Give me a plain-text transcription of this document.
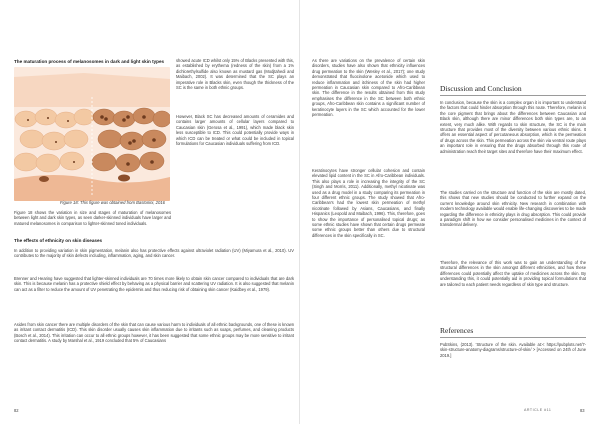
The maturation process of melanosomes in dark and light skin types
Figure 18: This figure was obtained from Bastonini, 2016
Figure 18 shows the variation in size and stages of maturation of melanosomes between light and dark skin types, as seen darker-skinned individuals have larger and matured melanosomes in comparison to lighter-skinned toned individuals.
The effects of ethnicity on skin diseases
In addition to providing variation in skin pigmentation, melanin also has protective effects against ultraviolet radiation (UV) (Miyamura et al., 2010). UV contributes to the majority of skin defects including, inflammation, aging, and skin cancer.
Brenner and Hearing have suggested that lighter-skinned individuals are 70 times more likely to obtain skin cancer compared to individuals that are dark skin. This is because melanin has a protective shield effect by behaving as a physical barrier and scattering UV radiation. It is also suggested that melanin can act as a filter to reduce the amount of UV penetrating the epidermis and thus reducing risk of obtaining skin cancer (Kaidbey et al., 1979).
Asides from skin cancer there are multiple disorders of the skin that can cause various harm to individuals of all ethnic backgrounds, one of these is known as irritant contact dermatitis (ICD). This skin disorder usually causes skin inflammation due to irritants such as soaps, perfumes, and cleaning products (Bosch et al., 2014). This irritation can occur to all ethnic groups however, it has been suggested that some ethnic groups may be more sensitive to irritant contact dermatitis. A study by Marshal et al., 1919 concluded that 5% of Caucasians
showed acute ICD whilst only 15% of Blacks presented with this, as established by erythema (redness of the skin) from a 1% dichlorethylsulfide also known as mustard gas (Modjtahedi and Maibach, 2002). It was determined that the SC plays an imperative role in Blacks skin, even though the thickness of the SC is the same in both ethnic groups.
However, Black SC has decreased amounts of ceramides and contains larger amounts of cellular layers compared to Caucasian skin (Gerosa et al., 1991), which made black skin less susceptible to ICD. This could potentially provide ways in which ICD can be treated or what could be included in topical formulations for Caucasian individuals suffering from ICD.
82
As there are variations on the prevalence of certain skin disorders, studies have also shown that ethnicity influences drug permeation to the skin (Wesley et al., 2017); one study demonstrated that fluocinolone acetonide which used to reduce inflammation and itchiness of the skin had higher permeation in Caucasian skin compared to Afro-Caribbean skin. The difference in the results obtained from this study emphasises the difference in the SC between both ethnic groups, Afro-Caribbean skin contains a significant number of keratinocyte layers in the SC which accounted for the lower permeation.
Keratinocytes have stronger cellular cohesion and contain elevated lipid content in the SC in Afro-Caribbean individuals. This also plays a role in increasing the integrity of the SC (Singh and Morris, 2011). Additionally, methyl nicotinate was used as a drug model in a study comparing its permeation in four different ethnic groups. The study showed that Afro-Caribbean's had the lowest skin permeation of methyl nicotinate followed by Asians, Caucasians, and finally Hispanics (Leopold and Maibach, 1996). This, therefore, goes to show the importance of personalised topical drugs; as some ethnic studies have shown that certain drugs permeate some ethnic groups better than others due to structural differences in the skin specifically in SC.
Discussion and Conclusion
In conclusion, because the skin is a complex organ it is important to understand the factors that could hinder absorption through this route. Therefore, melanin is the core pigment that brings about the differences between Caucasian and Black skin, although there are minor differences both skin types are, to an extent, very much alike. With regards to skin structure, the SC is the main structure that provides most of the diversity between various ethnic skins. It offers an essential aspect of percutaneous absorption, which is the permeation of drugs across the skin. This permeation across the skin via ventral route plays an important role in ensuring that the drugs absorbed through this route of administration reach their target sites and therefore have their maximum effect.
The studies carried on the structure and function of the skin are mostly dated, this shows that new studies should be conducted to further expand on the current knowledge around skin ethnicity. New research in combination with modern technology available would enable life-changing discoveries to be made regarding the difference in ethnicity plays in drug absorption. This could provide a paradigm shift in how we consider personalised medicines in the context of transdermal delivery.
Therefore, the relevance of this work was to gain an understanding of the structural differences in the skin amongst different ethnicities, and how these differences could potentially affect the uptake of medicines across the skin. By understanding this, it could potentially aid in providing topical formulations that are tailored to each patient needs regardless of skin type and structure.
References
PubSkins, (2013). 'Structure of the skin. Available at:< https://pubplots.net/7-skin-structure-anatomy-diagrams/structure-of-skin/ > [Accessed on 24th of June 2019.]
ARTICLE #11	83
